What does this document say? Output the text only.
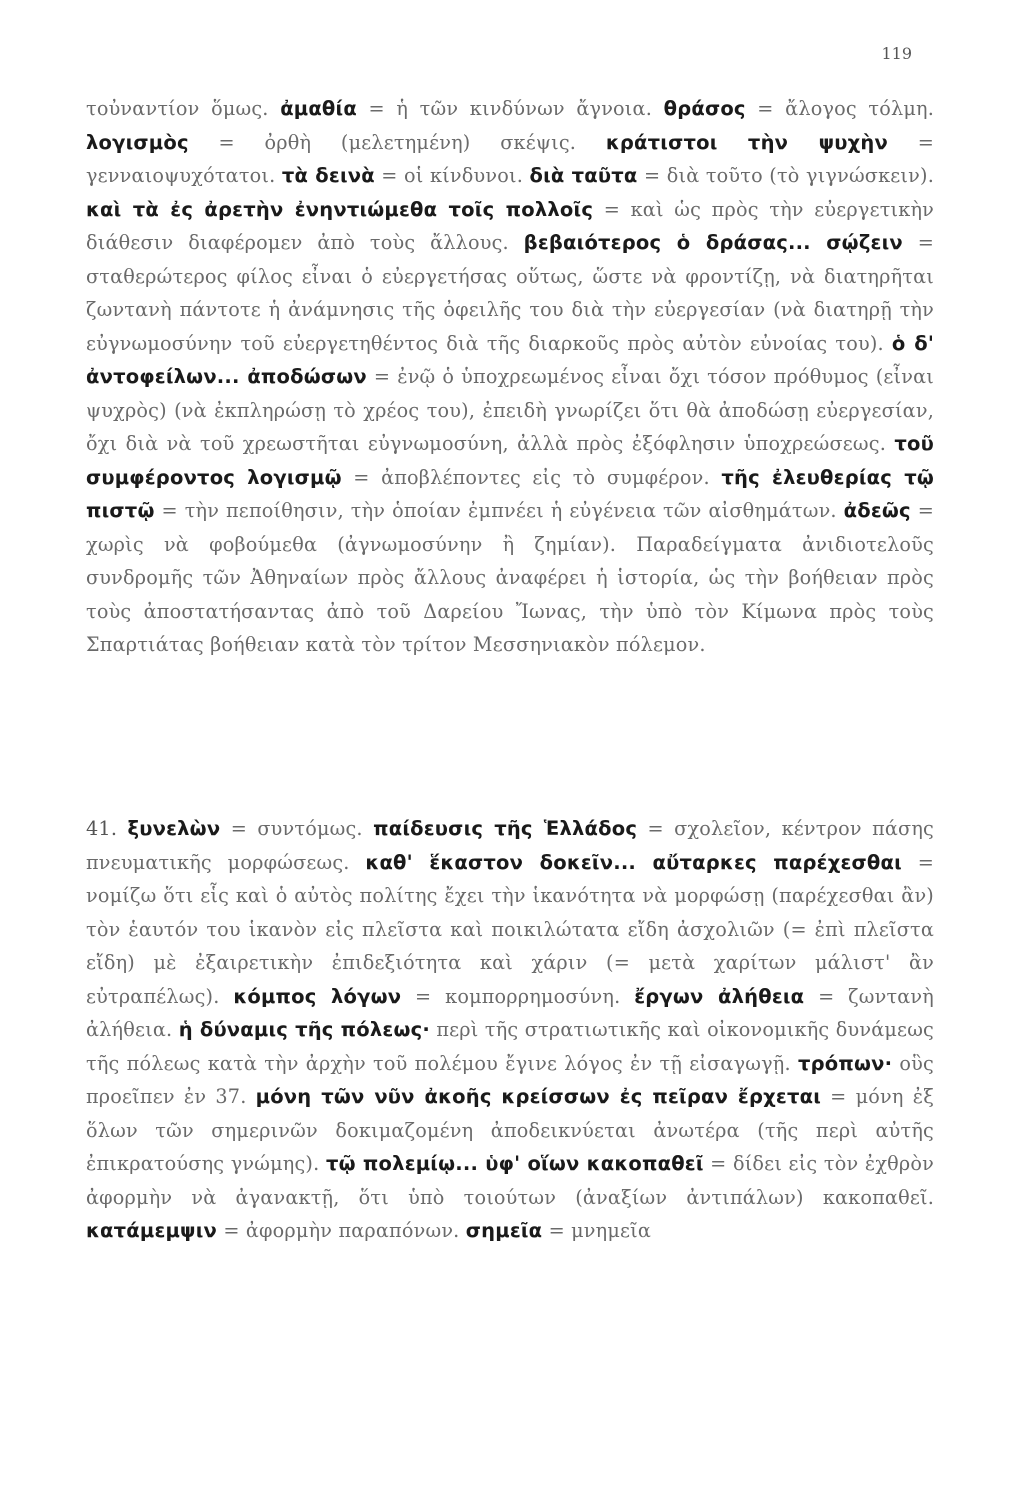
119
τοὐναντίον ὅμως. ἀμαθία = ἡ τῶν κινδύνων ἄγνοια. θράσος = ἄλογος τόλμη. λογισμὸς = ὀρθὴ (μελετημένη) σκέψις. κράτιστοι τὴν ψυχὴν = γενναιοψυχότατοι. τὰ δεινὰ = οἱ κίνδυνοι. διὰ ταῦτα = διὰ τοῦτο (τὸ γιγνώσκειν). καὶ τὰ ἐς ἀρετὴν ἐνηντιώμεθα τοῖς πολλοῖς = καὶ ὡς πρὸς τὴν εὐεργετικὴν διάθεσιν διαφέρομεν ἀπὸ τοὺς ἄλλους. βεβαιότερος ὁ δράσας... σῴζειν = σταθερώτερος φίλος εἶναι ὁ εὐεργετήσας οὕτως, ὥστε νὰ φροντίζῃ, νὰ διατηρῆται ζωντανὴ πάντοτε ἡ ἀνάμνησις τῆς ὀφειλῆς του διὰ τὴν εὐεργεσίαν (νὰ διατηρῇ τὴν εὐγνωμοσύνην τοῦ εὐεργετηθέντος διὰ τῆς διαρκοῦς πρὸς αὐτὸν εὐνοίας του). ὁ δ' ἀντοφείλων... ἀποδώσων = ἐνῷ ὁ ὑποχρεωμένος εἶναι ὄχι τόσον πρόθυμος (εἶναι ψυχρὸς) (νὰ ἐκπληρώσῃ τὸ χρέος του), ἐπειδὴ γνωρίζει ὅτι θὰ ἀποδώσῃ εὐεργεσίαν, ὄχι διὰ νὰ τοῦ χρεωστῆται εὐγνωμοσύνη, ἀλλὰ πρὸς ἐξόφλησιν ὑποχρεώσεως. τοῦ συμφέροντος λογισμῷ = ἀποβλέποντες εἰς τὸ συμφέρον. τῆς ἐλευθερίας τῷ πιστῷ = τὴν πεποίθησιν, τὴν ὁποίαν ἐμπνέει ἡ εὐγένεια τῶν αἰσθημάτων. ἀδεῶς = χωρὶς νὰ φοβούμεθα (ἀγνωμοσύνην ἢ ζημίαν). Παραδείγματα ἀνιδιοτελοῦς συνδρομῆς τῶν Ἀθηναίων πρὸς ἄλλους ἀναφέρει ἡ ἱστορία, ὡς τὴν βοήθειαν πρὸς τοὺς ἀποστατήσαντας ἀπὸ τοῦ Δαρείου Ἴωνας, τὴν ὑπὸ τὸν Κίμωνα πρὸς τοὺς Σπαρτιάτας βοήθειαν κατὰ τὸν τρίτον Μεσσηνιακὸν πόλεμον.
41. ξυνελὼν = συντόμως. παίδευσις τῆς Ἑλλάδος = σχολεῖον, κέντρον πάσης πνευματικῆς μορφώσεως. καθ' ἕκαστον δοκεῖν... αὔταρκες παρέχεσθαι = νομίζω ὅτι εἷς καὶ ὁ αὐτὸς πολίτης ἔχει τὴν ἱκανότητα νὰ μορφώσῃ (παρέχεσθαι ἂν) τὸν ἑαυτόν του ἱκανὸν εἰς πλεῖστα καὶ ποικιλώτατα εἴδη ἀσχολιῶν (= ἐπὶ πλεῖστα εἴδη) μὲ ἐξαιρετικὴν ἐπιδεξιότητα καὶ χάριν (= μετὰ χαρίτων μάλιστ' ἂν εὐτραπέλως). κόμπος λόγων = κομπορρημοσύνη. ἔργων ἀλήθεια = ζωντανὴ ἀλήθεια. ἡ δύναμις τῆς πόλεως· περὶ τῆς στρατιωτικῆς καὶ οἰκονομικῆς δυνάμεως τῆς πόλεως κατὰ τὴν ἀρχὴν τοῦ πολέμου ἔγινε λόγος ἐν τῇ εἰσαγωγῇ. τρόπων· οὓς προεῖπεν ἐν 37. μόνη τῶν νῦν ἀκοῆς κρείσσων ἐς πεῖραν ἔρχεται = μόνη ἐξ ὅλων τῶν σημερινῶν δοκιμαζομένη ἀποδεικνύεται ἀνωτέρα (τῆς περὶ αὐτῆς ἐπικρατούσης γνώμης). τῷ πολεμίῳ... ὑφ' οἵων κακοπαθεῖ = δίδει εἰς τὸν ἐχθρὸν ἀφορμὴν νὰ ἀγανακτῇ, ὅτι ὑπὸ τοιούτων (ἀναξίων ἀντιπάλων) κακοπαθεῖ. κατάμεμψιν = ἀφορμὴν παραπόνων. σημεῖα = μνημεῖα
